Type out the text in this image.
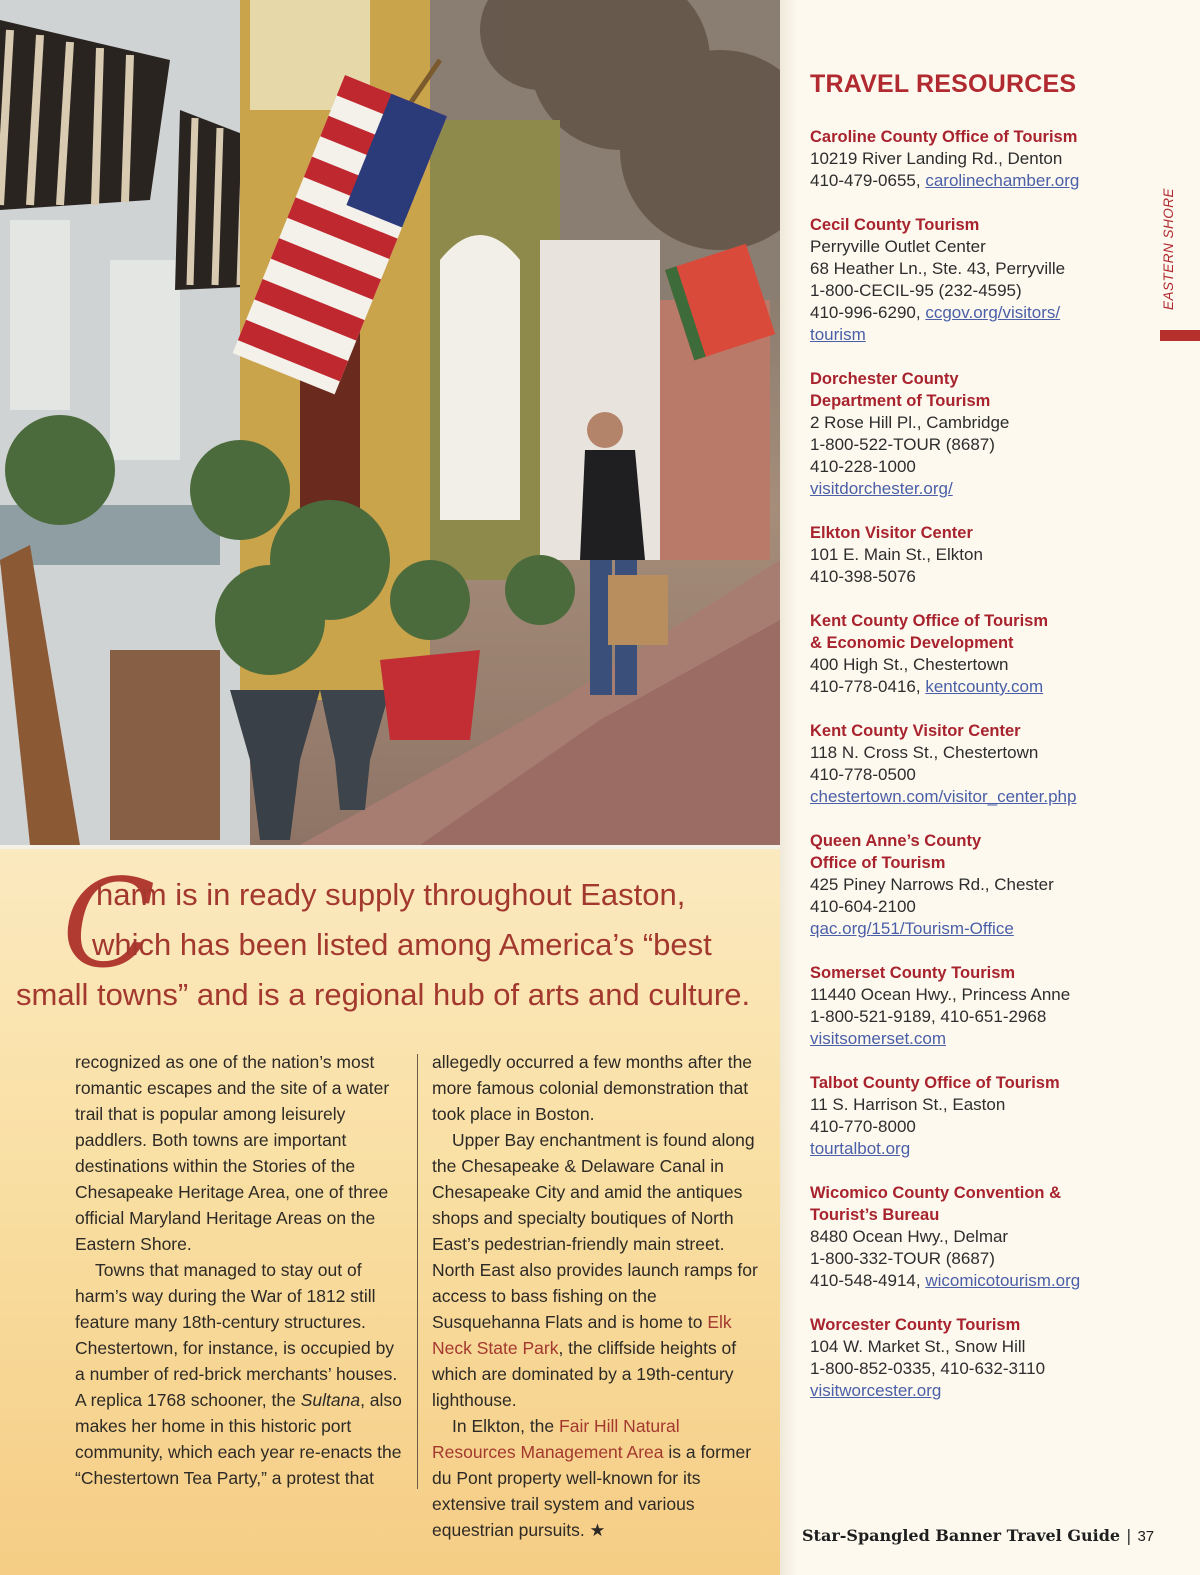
C
harm is in ready supply throughout Easton,
which has been listed among America’s “best
small towns” and is a regional hub of arts and culture.

recognized as one of the nation’s most romantic escapes and the site of a water trail that is popular among leisurely paddlers. Both towns are important destinations within the Stories of the Chesapeake Heritage Area, one of three official Maryland Heritage Areas on the Eastern Shore.

Towns that managed to stay out of harm’s way during the War of 1812 still feature many 18th-century structures. Chestertown, for instance, is occupied by a number of red-brick merchants’ houses. A replica 1768 schooner, the Sultana, also makes her home in this historic port community, which each year re-enacts the “Chestertown Tea Party,” a protest that

allegedly occurred a few months after the more famous colonial demonstration that took place in Boston.

Upper Bay enchantment is found along the Chesapeake & Delaware Canal in Chesapeake City and amid the antiques shops and specialty boutiques of North East’s pedestrian-friendly main street. North East also provides launch ramps for access to bass fishing on the Susquehanna Flats and is home to Elk Neck State Park, the cliffside heights of which are dominated by a 19th-century lighthouse.

In Elkton, the Fair Hill Natural Resources Management Area is a former du Pont property well-known for its extensive trail system and various equestrian pursuits. ★

TRAVEL RESOURCES
Caroline County Office of Tourism
10219 River Landing Rd., Denton
410-479-0655, carolinechamber.org
Cecil County Tourism
Perryville Outlet Center
68 Heather Ln., Ste. 43, Perryville
1-800-CECIL-95 (232-4595)
410-996-6290, ccgov.org/visitors/
tourism
Dorchester County
Department of Tourism
2 Rose Hill Pl., Cambridge
1-800-522-TOUR (8687)
410-228-1000
visitdorchester.org/
Elkton Visitor Center
101 E. Main St., Elkton
410-398-5076
Kent County Office of Tourism
& Economic Development
400 High St., Chestertown
410-778-0416, kentcounty.com
Kent County Visitor Center
118 N. Cross St., Chestertown
410-778-0500
chestertown.com/visitor_center.php
Queen Anne’s County
Office of Tourism
425 Piney Narrows Rd., Chester
410-604-2100
qac.org/151/Tourism-Office
Somerset County Tourism
11440 Ocean Hwy., Princess Anne
1-800-521-9189, 410-651-2968
visitsomerset.com
Talbot County Office of Tourism
11 S. Harrison St., Easton
410-770-8000
tourtalbot.org
Wicomico County Convention &
Tourist’s Bureau
8480 Ocean Hwy., Delmar
1-800-332-TOUR (8687)
410-548-4914, wicomicotourism.org
Worcester County Tourism
104 W. Market St., Snow Hill
1-800-852-0335, 410-632-3110
visitworcester.org
EASTERN SHORE
Star-Spangled Banner Travel Guide | 37
